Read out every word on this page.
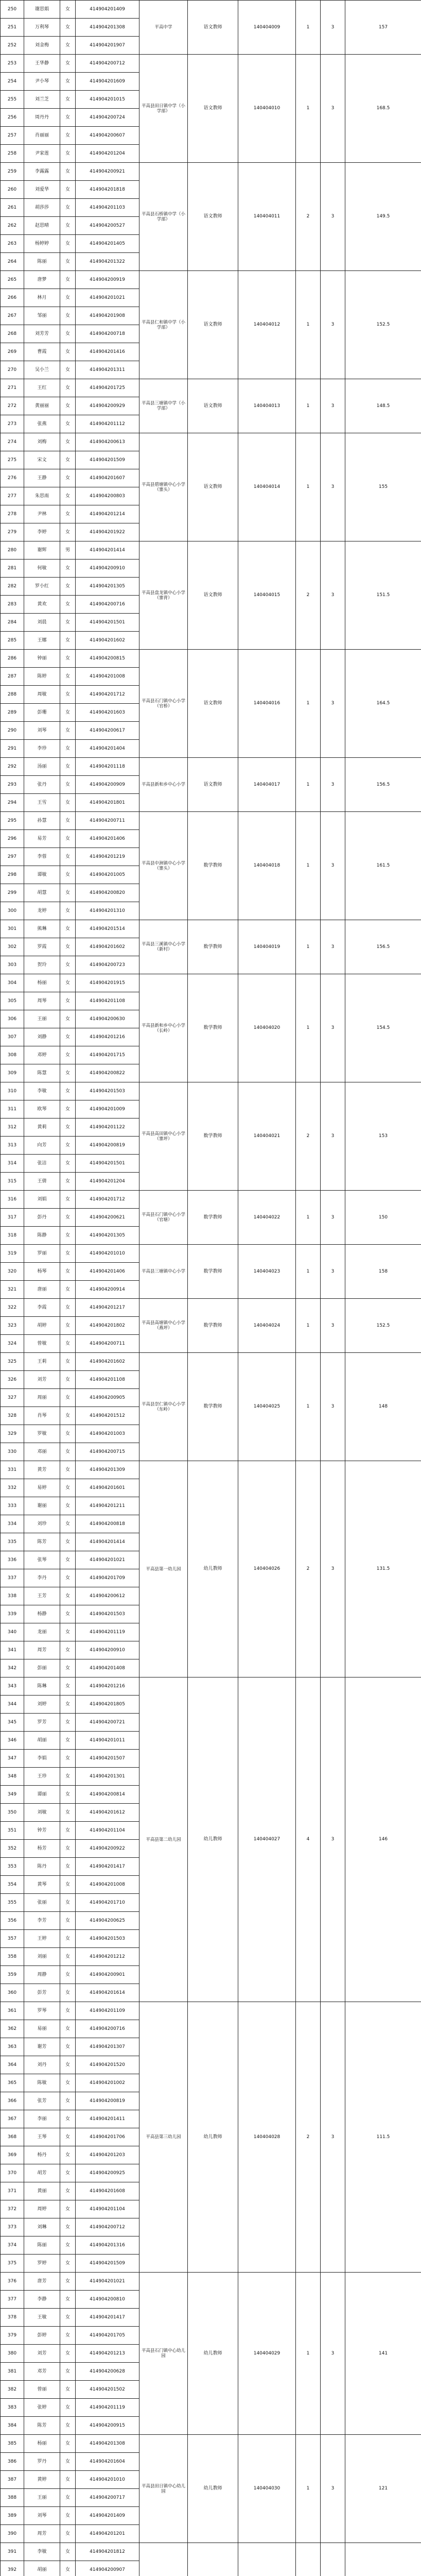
250	谢思娟	女	414904201409	平高中学	语文教师	140404009	1	3	157
251	万利琴	女	414904201308						
252	刘金梅	女	414904201907						
253	王华静	女	414904200712	平高县田日镇中学（小学部）	语文教师	140404010	1	3	168.5
254	尹小琴	女	414904201609						
255	刘兰芝	女	414904201015						
256	周丹丹	女	414904200724						
257	肖丽丽	女	414904200607						
258	尹家莲	女	414904201204						
259	李露露	女	414904200921	平高县石桥镇中学（小学部）	语文教师	140404011	2	3	149.5
260	刘爱华	女	414904201818						
261	胡莎莎	女	414904201103						
262	赵思晴	女	414904200527						
263	杨婷婷	女	414904201405						
264	陈丽	女	414904201322						
265	唐梦	女	414904200919	平高县仁和镇中学（小学部）	语文教师	140404012	1	3	152.5
266	林月	女	414904201021						
267	邹丽	女	414904201908						
268	刘芳芳	女	414904200718						
269	曹霞	女	414904201416						
270	吴小兰	女	414904201311						
271	王红	女	414904201725	平高县三塘镇中学（小学部）	语文教师	140404013	1	3	148.5
272	黄丽丽	女	414904200929						
273	张燕	女	414904201112						
274	刘梅	女	414904200613	平高县碧塘镇中心小学（寨头）	语文教师	140404014	1	3	155
275	宋文	女	414904201509						
276	王静	女	414904201607						
277	朱思雨	女	414904200803						
278	尹林	女	414904201214						
279	李婷	女	414904201922						
280	谢辉	男	414904201414	平高县盘龙镇中心小学（寨背）	语文教师	140404015	2	3	151.5
281	何敏	女	414904200910						
282	罗小红	女	414904201305						
283	黄欢	女	414904200716						
284	刘晨	女	414904201501						
285	王娜	女	414904201602						
286	钟丽	女	414904200815	平高县石门镇中心小学（官桥）	语文教师	140404016	1	3	164.5
287	陈婷	女	414904201008						
288	周敏	女	414904201712						
289	彭珊	女	414904201603						
290	刘琴	女	414904200617						
291	李珍	女	414904201404						
292	汤丽	女	414904201118	平高县新和乡中心小学	语文教师	140404017	1	3	156.5
293	张丹	女	414904200909						
294	王雪	女	414904201801						
295	孙慧	女	414904200711	平高县中洲镇中心小学（寨头）	数学教师	140404018	1	3	161.5
296	易芳	女	414904201406						
297	李蓉	女	414904201219						
298	谭敏	女	414904201005						
299	胡慧	女	414904200820						
300	龙婷	女	414904201310						
301	熊琳	女	414904201514	平高县三溪镇中心小学（新村）	数学教师	140404019	1	3	156.5
302	罗霞	女	414904201602						
303	贺玲	女	414904200723						
304	杨丽	女	414904201915	平高县新和乡中心小学（长岭）	数学教师	140404020	1	3	154.5
305	周琴	女	414904201108						
306	王丽	女	414904200630						
307	刘静	女	414904201216						
308	邓婷	女	414904201715						
309	陈慧	女	414904200822						
310	李敏	女	414904201503	平高县高田镇中心小学（寨坪）	数学教师	140404021	2	3	153
311	欧琴	女	414904201009						
312	黄莉	女	414904201122						
313	向芳	女	414904200819						
314	张洁	女	414904201501						
315	王倩	女	414904201204						
316	刘娟	女	414904201712	平高县石门镇中心小学（官塘）	数学教师	140404022	1	3	150
317	彭丹	女	414904200621						
318	陈静	女	414904201305						
319	罗丽	女	414904201010	平高县三塘镇中心小学	数学教师	140404023	1	3	158
320	杨琴	女	414904201406						
321	唐丽	女	414904200914						
322	李霞	女	414904201217	平高县高塘镇中心小学（燕坪）	数学教师	140404024	1	3	152.5
323	胡婷	女	414904201802						
324	曾敏	女	414904200711						
325	王莉	女	414904201602	平高县崇仁镇中心小学（东岭）	数学教师	140404025	1	3	148
326	刘芳	女	414904201108						
327	周丽	女	414904200905						
328	肖琴	女	414904201512						
329	罗敏	女	414904201003						
330	邓丽	女	414904200715						
331	黄芳	女	414904201309	平高县第一幼儿园	幼儿教师	140404026	2	3	131.5
332	易婷	女	414904201601						
333	谢丽	女	414904201211						
334	刘珍	女	414904200818						
335	陈芳	女	414904201414						
336	张琴	女	414904201021						
337	李丹	女	414904201709						
338	王芳	女	414904200612						
339	杨静	女	414904201503						
340	龙丽	女	414904201119						
341	周芳	女	414904200910						
342	彭丽	女	414904201408						
343	陈琳	女	414904201216	平高县第二幼儿园	幼儿教师	140404027	4	3	146
344	刘婷	女	414904201805						
345	罗芳	女	414904200721						
346	胡丽	女	414904201011						
347	李娟	女	414904201507						
348	王珍	女	414904201301						
349	谭丽	女	414904200814						
350	刘敏	女	414904201612						
351	钟芳	女	414904201104						
352	杨芳	女	414904200922						
353	陈丹	女	414904201417						
354	黄琴	女	414904201008						
355	张丽	女	414904201710						
356	李芳	女	414904200625						
357	王婷	女	414904201503						
358	刘丽	女	414904201212						
359	周静	女	414904200901						
360	彭芳	女	414904201614						
361	罗琴	女	414904201109	平高县第三幼儿园	幼儿教师	140404028	2	3	111.5
362	易丽	女	414904200716						
363	谢芳	女	414904201307						
364	刘丹	女	414904201520						
365	陈敏	女	414904201002						
366	张芳	女	414904200819						
367	李丽	女	414904201411						
368	王琴	女	414904201706						
369	杨丹	女	414904201203						
370	胡芳	女	414904200925						
371	黄丽	女	414904201608						
372	周婷	女	414904201104						
373	刘琳	女	414904200712						
374	陈丽	女	414904201316						
375	罗婷	女	414904201509						
376	唐芳	女	414904201021	平高县石门镇中心幼儿园	幼儿教师	140404029	1	3	141
377	李静	女	414904200810						
378	王敏	女	414904201417						
379	彭婷	女	414904201705						
380	刘芳	女	414904201213						
381	邓芳	女	414904200628						
382	曾丽	女	414904201502						
383	张婷	女	414904201119						
384	陈芳	女	414904200915						
385	杨丽	女	414904201308	平高县田日镇中心幼儿园	幼儿教师	140404030	1	3	121
386	罗丹	女	414904201604						
387	黄婷	女	414904201010						
388	王丽	女	414904200717						
389	刘琴	女	414904201409						
390	周芳	女	414904201201						
391	李敏	女	414904201812						
392	胡丽	女	414904200907						
